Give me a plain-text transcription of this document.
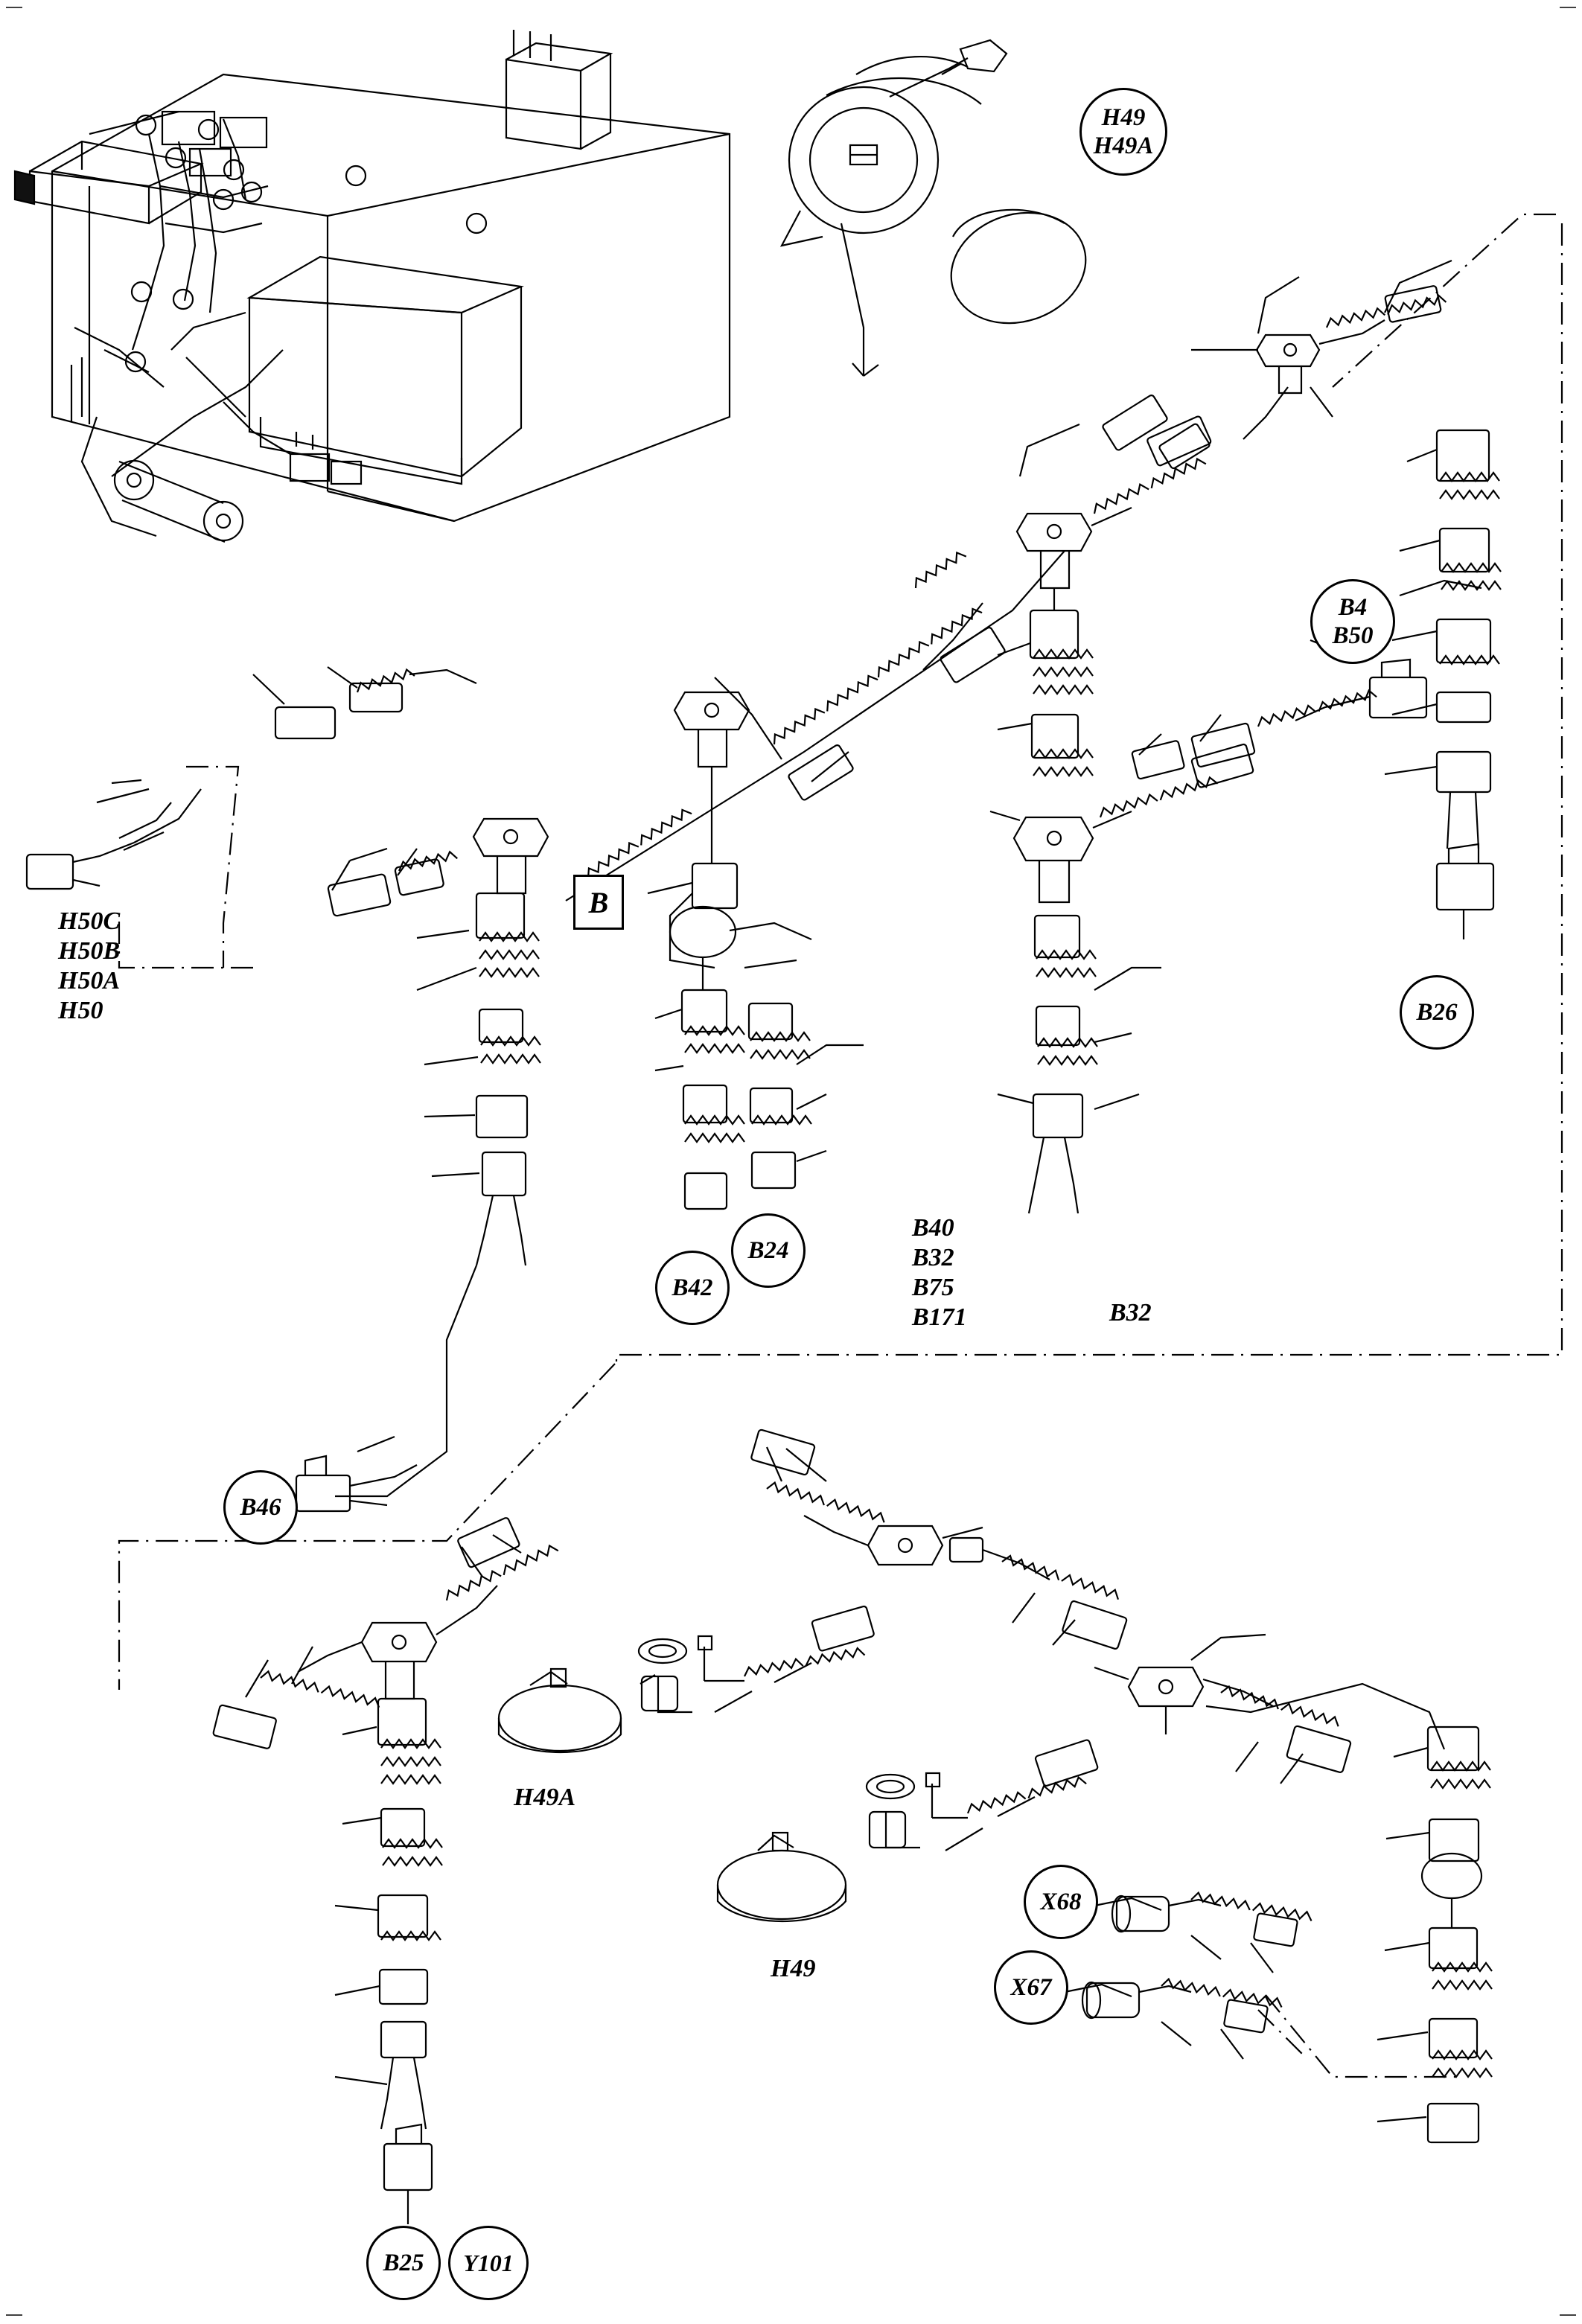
H50C
H50B
H50A
H50
B40
B32
B75
B171	B32
H49A
H49
H49
H49A
B4
B50
B26
B42
B24
B46
X68
X67
B25	Y101
B
